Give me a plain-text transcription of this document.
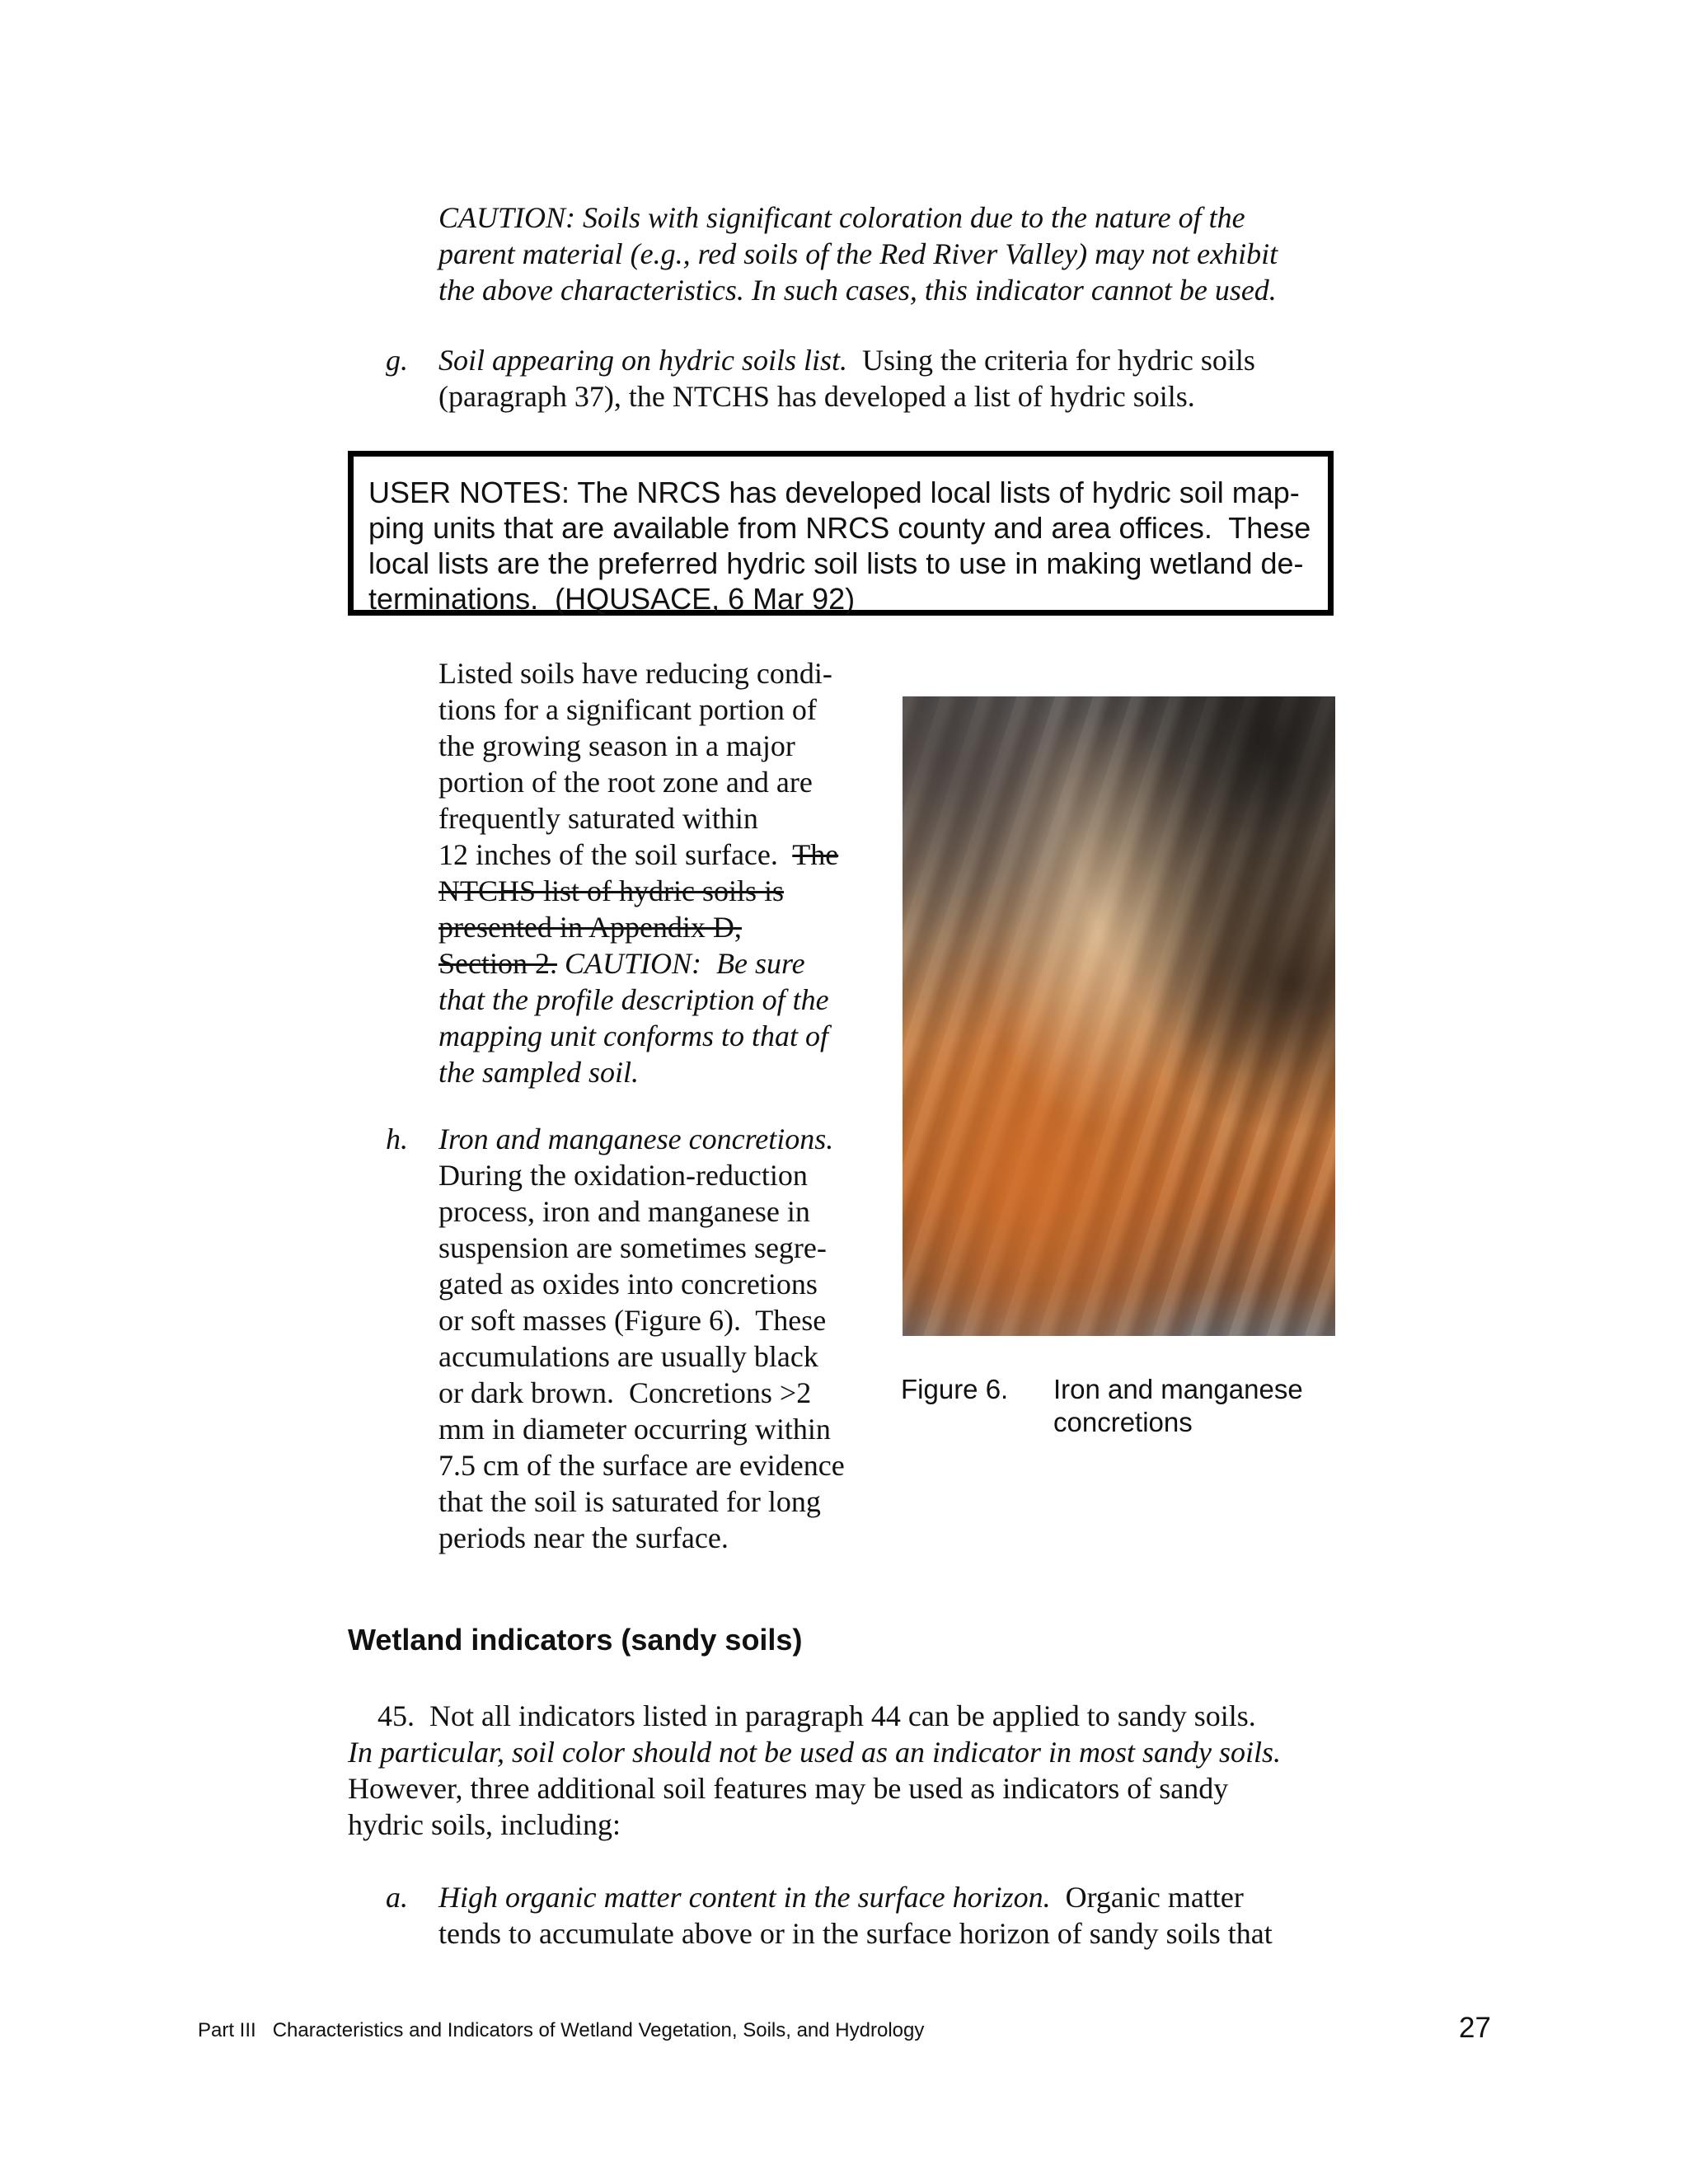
CAUTION: Soils with significant coloration due to the nature of the
parent material (e.g., red soils of the Red River Valley) may not exhibit
the above characteristics. In such cases, this indicator cannot be used.
g. Soil appearing on hydric soils list.  Using the criteria for hydric soils
(paragraph 37), the NTCHS has developed a list of hydric soils.
USER NOTES: The NRCS has developed local lists of hydric soil map-
ping units that are available from NRCS county and area offices.  These
local lists are the preferred hydric soil lists to use in making wetland de-
terminations.  (HQUSACE, 6 Mar 92)
Listed soils have reducing condi-
tions for a significant portion of
the growing season in a major
portion of the root zone and are
frequently saturated within
12 inches of the soil surface.  The
NTCHS list of hydric soils is
presented in Appendix D,
Section 2. CAUTION:  Be sure
that the profile description of the
mapping unit conforms to that of
the sampled soil.
h. Iron and manganese concretions.
During the oxidation-reduction
process, iron and manganese in
suspension are sometimes segre-
gated as oxides into concretions
or soft masses (Figure 6).  These
accumulations are usually black
or dark brown.  Concretions >2
mm in diameter occurring within
7.5 cm of the surface are evidence
that the soil is saturated for long
periods near the surface.
Figure 6. Iron and manganese
concretions
Wetland indicators (sandy soils)
45.  Not all indicators listed in paragraph 44 can be applied to sandy soils.
In particular, soil color should not be used as an indicator in most sandy soils.
However, three additional soil features may be used as indicators of sandy
hydric soils, including:
a. High organic matter content in the surface horizon.  Organic matter
tends to accumulate above or in the surface horizon of sandy soils that
Part III   Characteristics and Indicators of Wetland Vegetation, Soils, and Hydrology	27
